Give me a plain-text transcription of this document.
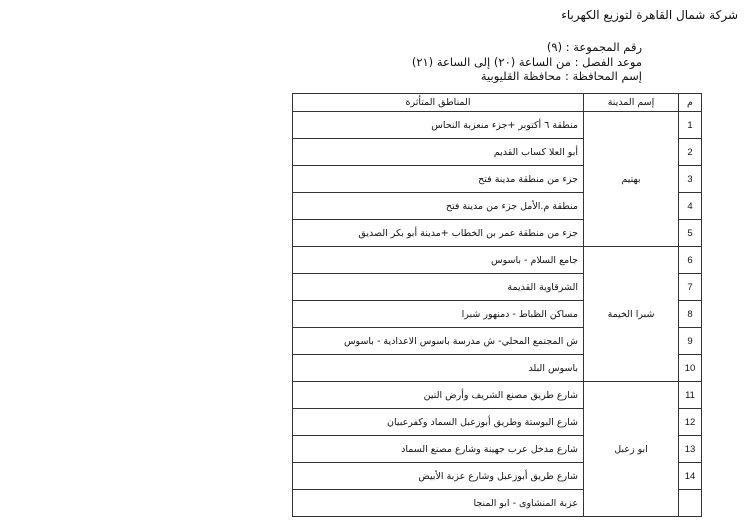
شركة شمال القاهرة لتوزيع الكهرباء
رقم المجموعة : (٩)
موعد الفصل : من الساعة (٢٠) إلى الساعة (٢١)
إسم المحافظة : محافظة القليوبية
م	إسم المدينة	المناطق المتأثرة
1	بهتيم	منطقة ٦ أكتوبر +جزء منعزبة النحاس
2		أبو العلا كساب القديم
3		جزء من منطقة مدينة فتح
4		منطقة م.الأمل جزء من مدينة فتح
5		جزء من منطقة عمر بن الخطاب +مدينة أبو بكر الصديق
6	شبرا الخيمة	جامع السلام - باسوس
7		الشرقاوية القديمة
8		مساكن الظباط - دمنهور شبرا
9		ش المجتمع المحلي- ش مدرسة باسوس الاعدادية - باسوس
10		باسوس البلد
11	ابو زعبل	شارع طريق مصنع الشريف وأرض التين
12		شارع البوستة وطريق أبوزعبل السماد وكفرعبيان
13		شارع مدخل عرب جهينة وشارع مصنع السماد
14		شارع طريق أبوزعبل وشارع عزبة الأبيض
		عزبة المنشاوى - ابو المنجا
